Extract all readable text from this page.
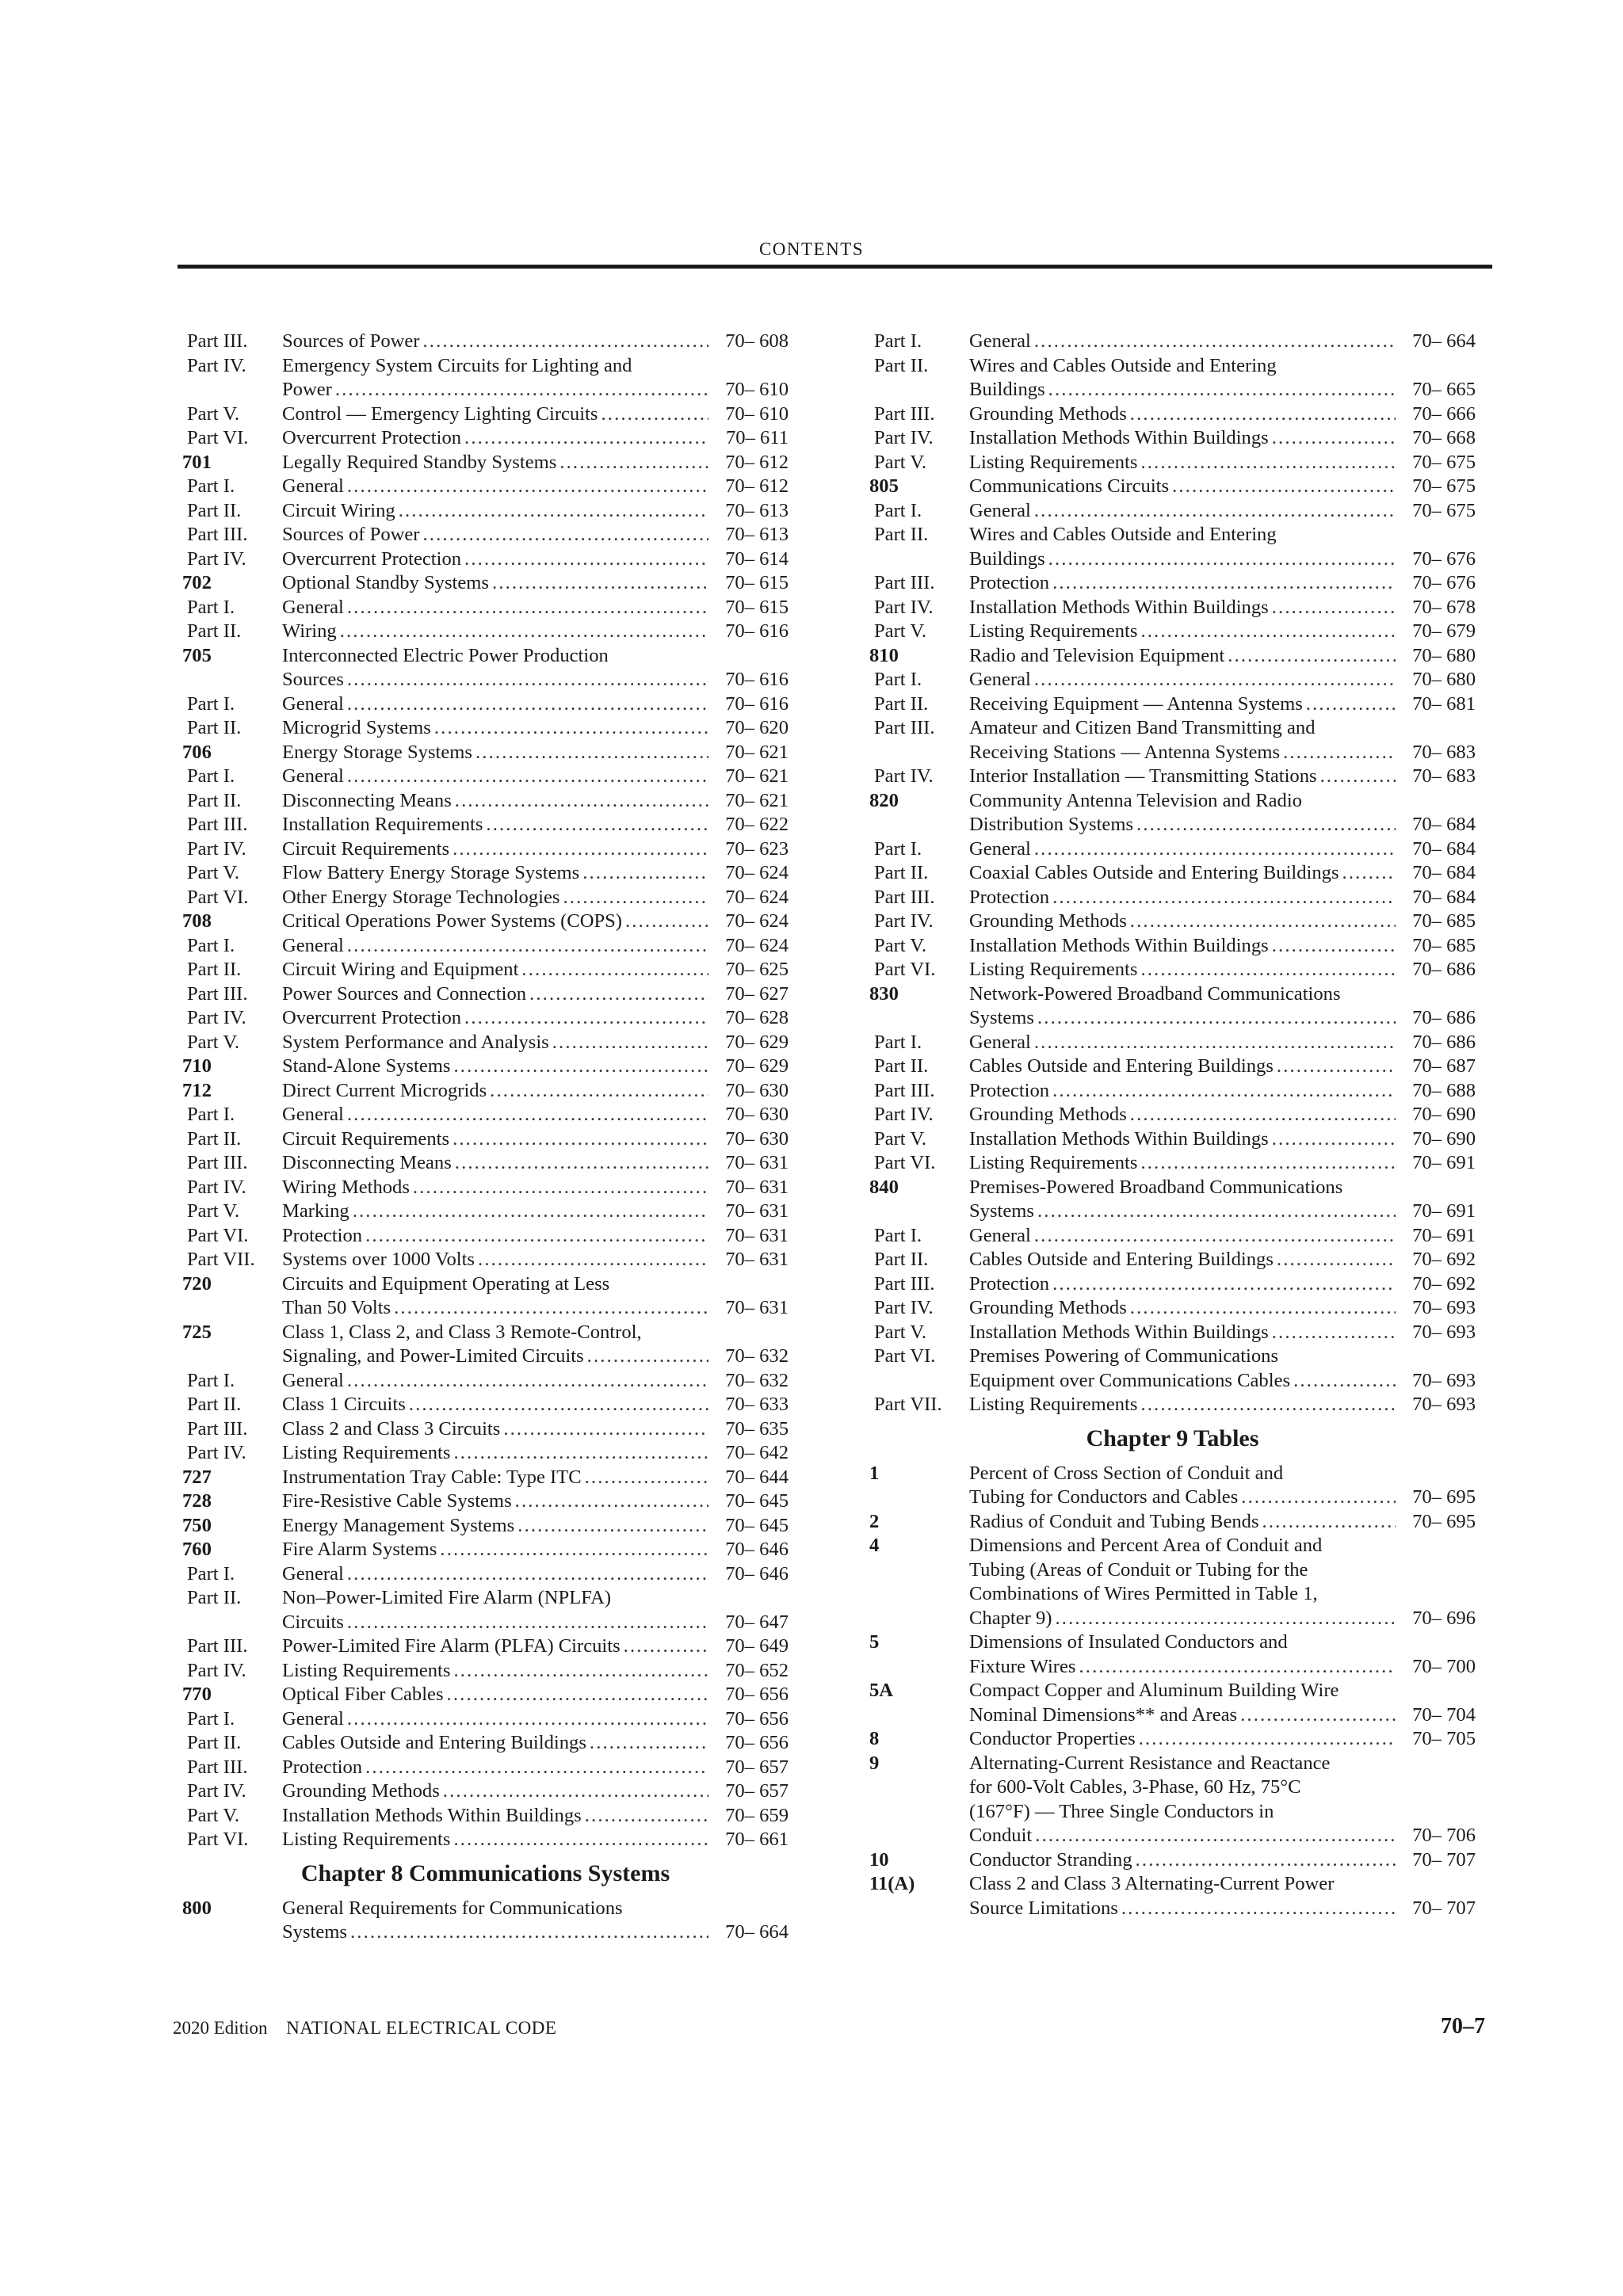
CONTENTS
Part III.	Sources of Power . . .	70– 608
Part IV.	Emergency System Circuits for Lighting and
Power . . .	70– 610
Part V.	Control — Emergency Lighting Circuits . . .	70– 610
Part VI.	Overcurrent Protection . . .	70– 611
701	Legally Required Standby Systems . . .	70– 612
Part I.	General . . .	70– 612
Part II.	Circuit Wiring . . .	70– 613
Part III.	Sources of Power . . .	70– 613
Part IV.	Overcurrent Protection . . .	70– 614
702	Optional Standby Systems . . .	70– 615
Part I.	General . . .	70– 615
Part II.	Wiring . . .	70– 616
705	Interconnected Electric Power Production
Sources . . .	70– 616
Part I.	General . . .	70– 616
Part II.	Microgrid Systems . . .	70– 620
706	Energy Storage Systems . . .	70– 621
Part I.	General . . .	70– 621
Part II.	Disconnecting Means . . .	70– 621
Part III.	Installation Requirements . . .	70– 622
Part IV.	Circuit Requirements . . .	70– 623
Part V.	Flow Battery Energy Storage Systems . . .	70– 624
Part VI.	Other Energy Storage Technologies . . .	70– 624
708	Critical Operations Power Systems (COPS) . . .	70– 624
Part I.	General . . .	70– 624
Part II.	Circuit Wiring and Equipment . . .	70– 625
Part III.	Power Sources and Connection . . .	70– 627
Part IV.	Overcurrent Protection . . .	70– 628
Part V.	System Performance and Analysis . . .	70– 629
710	Stand-Alone Systems . . .	70– 629
712	Direct Current Microgrids . . .	70– 630
Part I.	General . . .	70– 630
Part II.	Circuit Requirements . . .	70– 630
Part III.	Disconnecting Means . . .	70– 631
Part IV.	Wiring Methods . . .	70– 631
Part V.	Marking . . .	70– 631
Part VI.	Protection . . .	70– 631
Part VII.	Systems over 1000 Volts . . .	70– 631
720	Circuits and Equipment Operating at Less
Than 50 Volts . . .	70– 631
725	Class 1, Class 2, and Class 3 Remote-Control,
Signaling, and Power-Limited Circuits . . .	70– 632
Part I.	General . . .	70– 632
Part II.	Class 1 Circuits . . .	70– 633
Part III.	Class 2 and Class 3 Circuits . . .	70– 635
Part IV.	Listing Requirements . . .	70– 642
727	Instrumentation Tray Cable: Type ITC . . .	70– 644
728	Fire-Resistive Cable Systems . . .	70– 645
750	Energy Management Systems . . .	70– 645
760	Fire Alarm Systems . . .	70– 646
Part I.	General . . .	70– 646
Part II.	Non–Power-Limited Fire Alarm (NPLFA)
Circuits . . .	70– 647
Part III.	Power-Limited Fire Alarm (PLFA) Circuits . . .	70– 649
Part IV.	Listing Requirements . . .	70– 652
770	Optical Fiber Cables . . .	70– 656
Part I.	General . . .	70– 656
Part II.	Cables Outside and Entering Buildings . . .	70– 656
Part III.	Protection . . .	70– 657
Part IV.	Grounding Methods . . .	70– 657
Part V.	Installation Methods Within Buildings . . .	70– 659
Part VI.	Listing Requirements . . .	70– 661
Chapter 8 Communications Systems
800	General Requirements for Communications
Systems . . .	70– 664
Part I.	General . . .	70– 664
Part II.	Wires and Cables Outside and Entering
Buildings . . .	70– 665
Part III.	Grounding Methods . . .	70– 666
Part IV.	Installation Methods Within Buildings . . .	70– 668
Part V.	Listing Requirements . . .	70– 675
805	Communications Circuits . . .	70– 675
Part I.	General . . .	70– 675
Part II.	Wires and Cables Outside and Entering
Buildings . . .	70– 676
Part III.	Protection . . .	70– 676
Part IV.	Installation Methods Within Buildings . . .	70– 678
Part V.	Listing Requirements . . .	70– 679
810	Radio and Television Equipment . . .	70– 680
Part I.	General . . .	70– 680
Part II.	Receiving Equipment — Antenna Systems . . .	70– 681
Part III.	Amateur and Citizen Band Transmitting and
Receiving Stations — Antenna Systems . . .	70– 683
Part IV.	Interior Installation — Transmitting Stations . . .	70– 683
820	Community Antenna Television and Radio
Distribution Systems . . .	70– 684
Part I.	General . . .	70– 684
Part II.	Coaxial Cables Outside and Entering Buildings . . .	70– 684
Part III.	Protection . . .	70– 684
Part IV.	Grounding Methods . . .	70– 685
Part V.	Installation Methods Within Buildings . . .	70– 685
Part VI.	Listing Requirements . . .	70– 686
830	Network-Powered Broadband Communications
Systems . . .	70– 686
Part I.	General . . .	70– 686
Part II.	Cables Outside and Entering Buildings . . .	70– 687
Part III.	Protection . . .	70– 688
Part IV.	Grounding Methods . . .	70– 690
Part V.	Installation Methods Within Buildings . . .	70– 690
Part VI.	Listing Requirements . . .	70– 691
840	Premises-Powered Broadband Communications
Systems . . .	70– 691
Part I.	General . . .	70– 691
Part II.	Cables Outside and Entering Buildings . . .	70– 692
Part III.	Protection . . .	70– 692
Part IV.	Grounding Methods . . .	70– 693
Part V.	Installation Methods Within Buildings . . .	70– 693
Part VI.	Premises Powering of Communications
Equipment over Communications Cables . . .	70– 693
Part VII.	Listing Requirements . . .	70– 693
Chapter 9 Tables
1	Percent of Cross Section of Conduit and
Tubing for Conductors and Cables . . .	70– 695
2	Radius of Conduit and Tubing Bends . . .	70– 695
4	Dimensions and Percent Area of Conduit and
Tubing (Areas of Conduit or Tubing for the
Combinations of Wires Permitted in Table 1,
Chapter 9) . . .	70– 696
5	Dimensions of Insulated Conductors and
Fixture Wires . . .	70– 700
5A	Compact Copper and Aluminum Building Wire
Nominal Dimensions** and Areas . . .	70– 704
8	Conductor Properties . . .	70– 705
9	Alternating-Current Resistance and Reactance
for 600-Volt Cables, 3-Phase, 60 Hz, 75°C
(167°F) — Three Single Conductors in
Conduit . . .	70– 706
10	Conductor Stranding . . .	70– 707
11(A)	Class 2 and Class 3 Alternating-Current Power
Source Limitations . . .	70– 707
2020 Edition NATIONAL ELECTRICAL CODE	70–7
